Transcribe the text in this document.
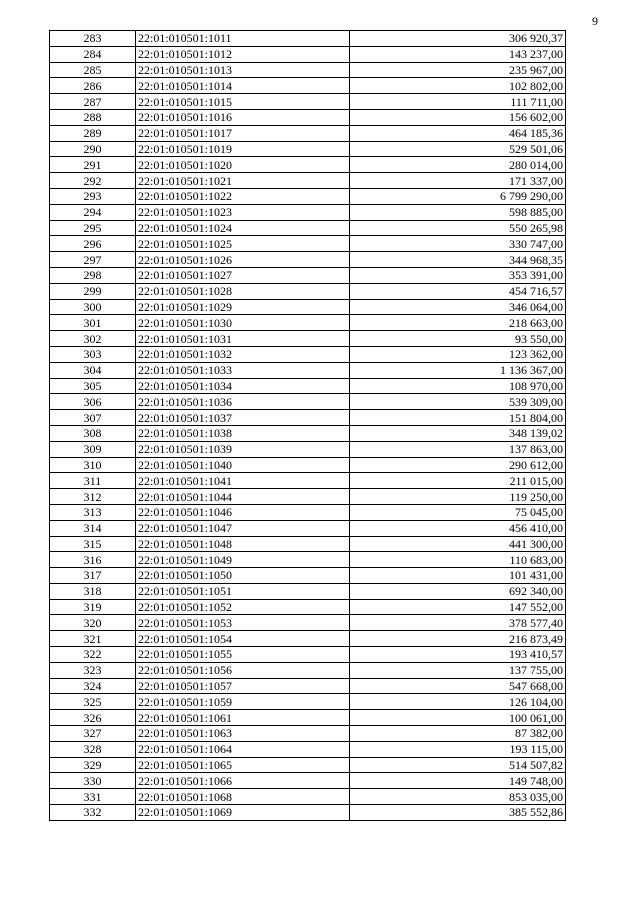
9
283	22:01:010501:1011	306 920,37
284	22:01:010501:1012	143 237,00
285	22:01:010501:1013	235 967,00
286	22:01:010501:1014	102 802,00
287	22:01:010501:1015	111 711,00
288	22:01:010501:1016	156 602,00
289	22:01:010501:1017	464 185,36
290	22:01:010501:1019	529 501,06
291	22:01:010501:1020	280 014,00
292	22:01:010501:1021	171 337,00
293	22:01:010501:1022	6 799 290,00
294	22:01:010501:1023	598 885,00
295	22:01:010501:1024	550 265,98
296	22:01:010501:1025	330 747,00
297	22:01:010501:1026	344 968,35
298	22:01:010501:1027	353 391,00
299	22:01:010501:1028	454 716,57
300	22:01:010501:1029	346 064,00
301	22:01:010501:1030	218 663,00
302	22:01:010501:1031	93 550,00
303	22:01:010501:1032	123 362,00
304	22:01:010501:1033	1 136 367,00
305	22:01:010501:1034	108 970,00
306	22:01:010501:1036	539 309,00
307	22:01:010501:1037	151 804,00
308	22:01:010501:1038	348 139,02
309	22:01:010501:1039	137 863,00
310	22:01:010501:1040	290 612,00
311	22:01:010501:1041	211 015,00
312	22:01:010501:1044	119 250,00
313	22:01:010501:1046	75 045,00
314	22:01:010501:1047	456 410,00
315	22:01:010501:1048	441 300,00
316	22:01:010501:1049	110 683,00
317	22:01:010501:1050	101 431,00
318	22:01:010501:1051	692 340,00
319	22:01:010501:1052	147 552,00
320	22:01:010501:1053	378 577,40
321	22:01:010501:1054	216 873,49
322	22:01:010501:1055	193 410,57
323	22:01:010501:1056	137 755,00
324	22:01:010501:1057	547 668,00
325	22:01:010501:1059	126 104,00
326	22:01:010501:1061	100 061,00
327	22:01:010501:1063	87 382,00
328	22:01:010501:1064	193 115,00
329	22:01:010501:1065	514 507,82
330	22:01:010501:1066	149 748,00
331	22:01:010501:1068	853 035,00
332	22:01:010501:1069	385 552,86
